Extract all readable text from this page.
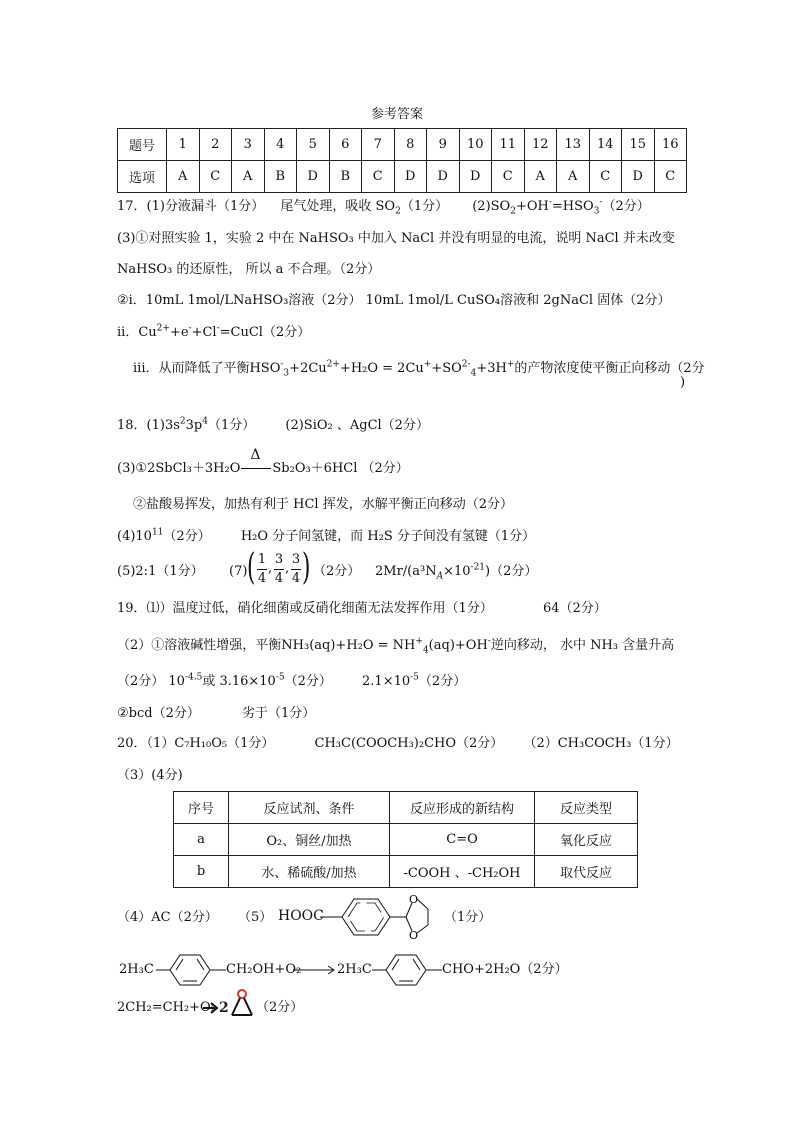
参考答案
题号	1	2	3	4	5	6	7	8	9	10	11	12	13	14	15	16
选项	A	C	A	B	D	B	C	D	D	D	C	A	A	C	D	C
17．(1)分液漏斗（1分） 尾气处理，吸收 $SO_2(1$分） $(2)SO_2+OH^-=HSO_3^-(2$分）
(3)①对照实验 1，实验 2 中在 NaHSO₃ 中加入 NaCl 并没有明显的电流，说明 NaCl 并未改变
NaHSO₃ 的还原性， 所以 a 不合理。（2分）
②i．10mL 1mol/LNaHSO₃溶液（2分） 10mL 1mol/L CuSO₄溶液和 2gNaCl 固体（2分）
ii．$Cu^{2+}+e^-+Cl^-=CuCl(2$分）
iii．从而降低了平衡$HSO^-_3+2Cu^{2+}+H_2O = 2Cu^++SO^{2-}_4+3H^+$的产物浓度使平衡正向移动（2分
)
18．$(1)3s^23p^4(1$分） (2)SiO₂ 、AgCl（2分）
(3)①2SbCl₃＋3H₂O
Δ
Sb₂O₃＋6HCl （2分）
②盐酸易挥发，加热有利于 HCl 挥发，水解平衡正向移动（2分）
$(4)10^{11}(2$分） H₂O 分子间氢键，而 H₂S 分子间没有氢键（1分）
(5)2:1（1分） (7) ( 1
4
,
3
4
,
3
4 ) （2分） $2Mr/(a^3N_A\times 10^{-21})(2$分）
19．⑴）温度过低，硝化细菌或反硝化细菌无法发挥作用（1分）	64（2分）
（2）①溶液碱性增强，平衡$NH_3(aq)+H_2O = NH^+_4(aq)+OH^-$逆向移动， 水中 NH₃ 含量升高
（2分） $10^{-4.5}$或 $3.16\times 10^{-5}(2$分） $2.1\times 10^{-5}(2$分）
②bcd（2分）	劣于（1分）
20．（1）C₇H₁₀O₅（1分）	CH₃C(COOCH₃)₂CHO（2分） （2）CH₃COCH₃（1分）
（3）(4分)
序号	反应试剂、条件	反应形成的新结构	反应类型
a	O₂、铜丝/加热	C=O	氧化反应
b	水、稀硫酸/加热	-COOH 、-CH₂OH	取代反应
（4）AC（2分） （5） HOOC
O
O
（1分）
2H₃C	CH₂OH+O₂	2H₃C	CHO+2H₂O（2分）
2CH₂=CH₂+O₂ 2 （2分）
